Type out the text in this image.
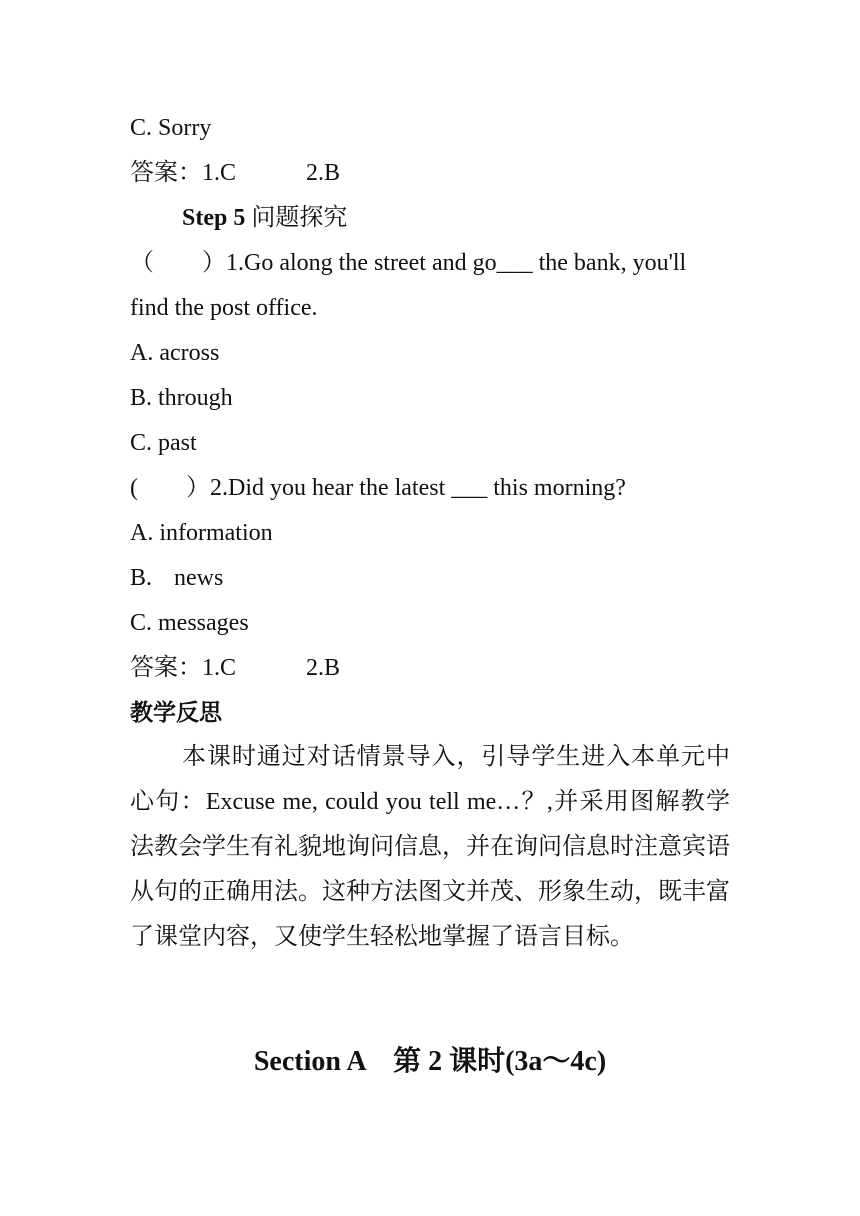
C. Sorry
答案：1.C	2.B
Step 5 问题探究
（　　）1.Go along the street and go___ the bank, you'll
find the post office.
A. across
B. through
C. past
(　　）2.Did you hear the latest ___ this morning?
A. information
B. news
C. messages
答案：1.C	2.B
教学反思
本课时通过对话情景导入，引导学生进入本单元中心句：Excuse me, could you tell me…？,并采用图解教学法教会学生有礼貌地询问信息，并在询问信息时注意宾语从句的正确用法。这种方法图文并茂、形象生动，既丰富了课堂内容，又使学生轻松地掌握了语言目标。
Section A　第 2 课时(3a～4c)
